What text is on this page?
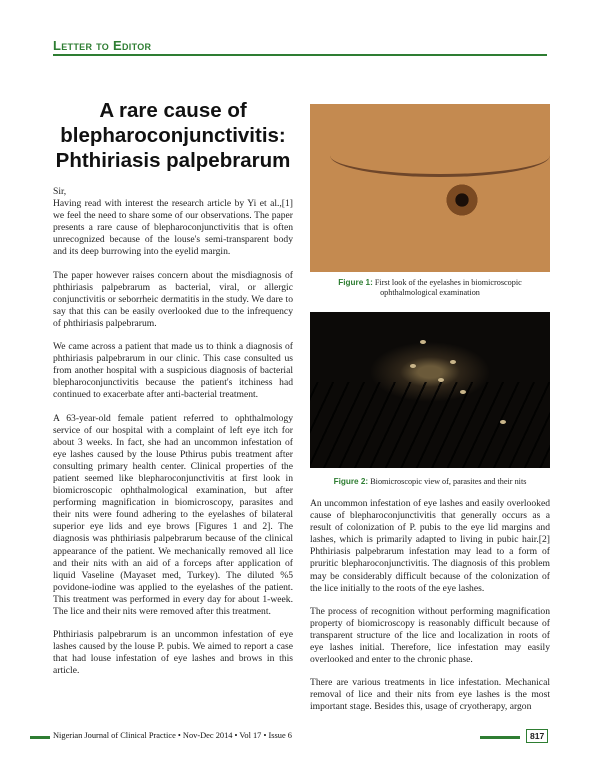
Letter to Editor
A rare cause of
blepharoconjunctivitis:
Phthiriasis palpebrarum

Sir,

Having read with interest the research article by Yi et al.,[1] we feel the need to share some of our observations. The paper presents a rare cause of blepharoconjunctivitis that is often unrecognized because of the louse's semi-transparent body and its deep burrowing into the eyelid margin.

The paper however raises concern about the misdiagnosis of phthiriasis palpebrarum as bacterial, viral, or allergic conjunctivitis or seborrheic dermatitis in the study. We dare to say that this can be easily overlooked due to the infrequency of phthiriasis palpebrarum.

We came across a patient that made us to think a diagnosis of phthiriasis palpebrarum in our clinic. This case consulted us from another hospital with a suspicious diagnosis of bacterial blepharoconjunctivitis because the patient's itchiness had continued to exacerbate after anti-bacterial treatment.

A 63-year-old female patient referred to ophthalmology service of our hospital with a complaint of left eye itch for about 3 weeks. In fact, she had an uncommon infestation of eye lashes caused by the louse Pthirus pubis treatment after consulting primary health center. Clinical properties of the patient seemed like blepharoconjunctivitis at first look in biomicroscopic ophthalmological examination, but after performing magnification in biomicroscopy, parasites and their nits were found adhering to the eyelashes of bilateral superior eye lids and eye brows [Figures 1 and 2]. The diagnosis was phthiriasis palpebrarum because of the clinical appearance of the patient. We mechanically removed all lice and their nits with an aid of a forceps after application of liquid Vaseline (Mayaset med, Turkey). The diluted %5 povidone-iodine was applied to the eyelashes of the patient. This treatment was performed in every day for about 1-week. The lice and their nits were removed after this treatment.

Phthiriasis palpebrarum is an uncommon infestation of eye lashes caused by the louse P. pubis. We aimed to report a case that had louse infestation of eye lashes and brows in this article.

Figure 1: First look of the eyelashes in biomicroscopic ophthalmological examination
Figure 2: Biomicroscopic view of, parasites and their nits

An uncommon infestation of eye lashes and easily overlooked cause of blepharoconjunctivitis that generally occurs as a result of colonization of P. pubis to the eye lid margins and lashes, which is primarily adapted to living in pubic hair.[2] Phthiriasis palpebrarum infestation may lead to a form of pruritic blepharoconjunctivitis. The diagnosis of this problem may be considerably difficult because of the colonization of the lice initially to the roots of the eye lashes.

The process of recognition without performing magnification property of biomicroscopy is reasonably difficult because of transparent structure of the lice and localization in roots of eye lashes initial. Therefore, lice infestation may easily overlooked and enter to the chronic phase.

There are various treatments in lice infestation. Mechanical removal of lice and their nits from eye lashes is the most important stage. Besides this, usage of cryotherapy, argon

Nigerian Journal of Clinical Practice • Nov-Dec 2014 • Vol 17 • Issue 6	817
